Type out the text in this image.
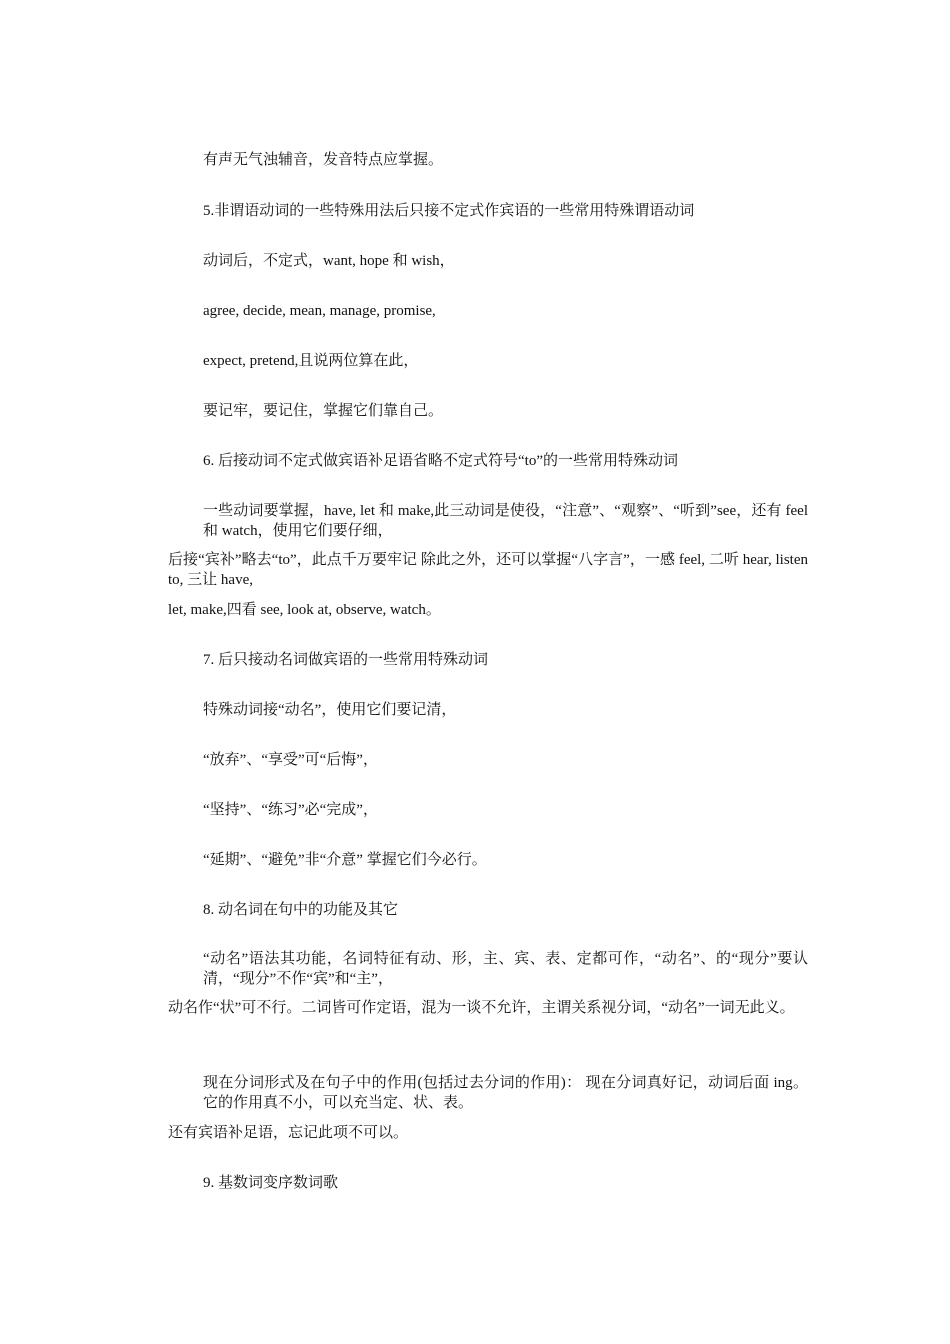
有声无气浊辅音，发音特点应掌握。

5.非谓语动词的一些特殊用法后只接不定式作宾语的一些常用特殊谓语动词

动词后，不定式，want, hope 和 wish，

agree, decide, mean, manage, promise,

expect, pretend,且说两位算在此，

要记牢，要记住，掌握它们靠自己。

6. 后接动词不定式做宾语补足语省略不定式符号“to”的一些常用特殊动词

一些动词要掌握，have, let 和 make,此三动词是使役，“注意”、“观察”、“听到”see，还有 feel 和 watch，使用它们要仔细，

后接“宾补”略去“to”，此点千万要牢记 除此之外，还可以掌握“八字言”，一感 feel, 二听 hear, listen to, 三让 have,

let, make,四看 see, look at, observe, watch。

7. 后只接动名词做宾语的一些常用特殊动词

特殊动词接“动名”，使用它们要记清，

“放弃”、“享受”可“后悔”，

“坚持”、“练习”必“完成”，

“延期”、“避免”非“介意” 掌握它们今必行。

8. 动名词在句中的功能及其它

“动名”语法其功能，名词特征有动、形，主、宾、表、定都可作，“动名”、的“现分”要认清，“现分”不作“宾”和“主”，

动名作“状”可不行。二词皆可作定语，混为一谈不允许，主谓关系视分词，“动名”一词无此义。

现在分词形式及在句子中的作用(包括过去分词的作用)： 现在分词真好记，动词后面 ing。它的作用真不小，可以充当定、状、表。

还有宾语补足语，忘记此项不可以。

9. 基数词变序数词歌
